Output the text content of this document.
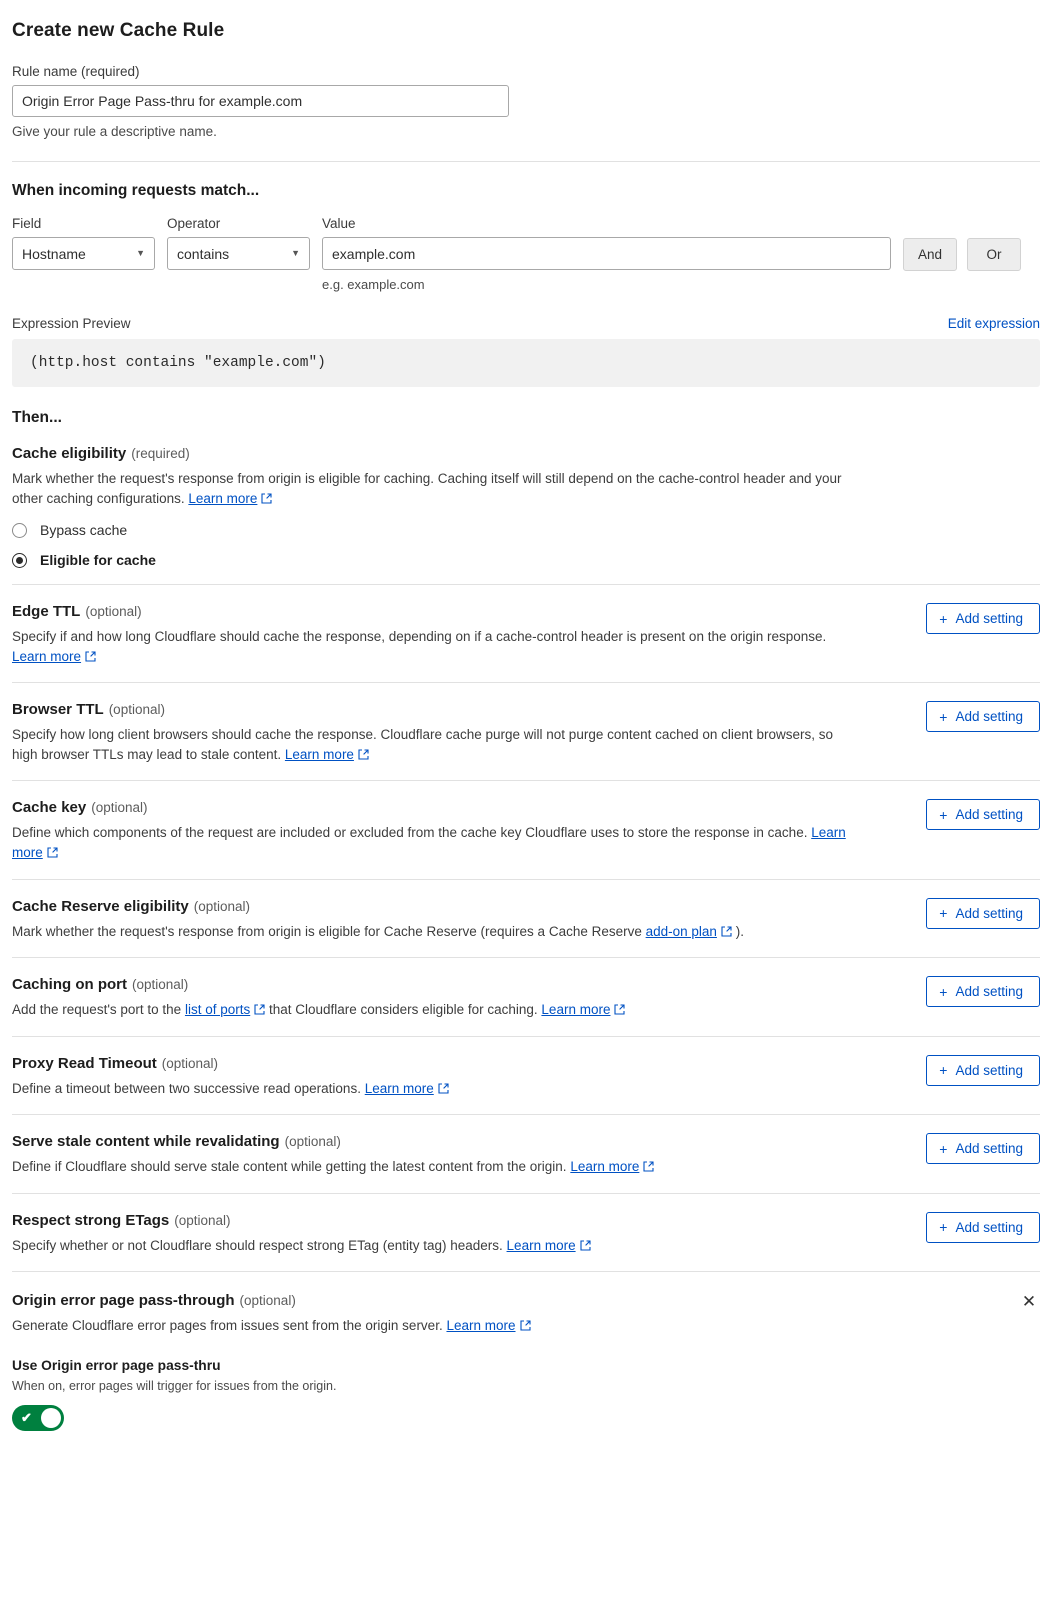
Create new Cache Rule
Rule name (required)
Origin Error Page Pass-thru for example.com
Give your rule a descriptive name.
When incoming requests match...
Field
Hostname	▼
Operator
contains	▼
Value
example.com
e.g. example.com
And	Or
Expression Preview	Edit expression
(http.host contains "example.com")
Then...
Cache eligibility (required)
Mark whether the request's response from origin is eligible for caching. Caching itself will still depend on the cache-control header and your other caching configurations. Learn more
Bypass cache
Eligible for cache
Edge TTL (optional)
Specify if and how long Cloudflare should cache the response, depending on if a cache-control header is present on the origin response. Learn more
+ Add setting
Browser TTL (optional)
Specify how long client browsers should cache the response. Cloudflare cache purge will not purge content cached on client browsers, so high browser TTLs may lead to stale content. Learn more
+ Add setting
Cache key (optional)
Define which components of the request are included or excluded from the cache key Cloudflare uses to store the response in cache. Learn more
+ Add setting
Cache Reserve eligibility (optional)
Mark whether the request's response from origin is eligible for Cache Reserve (requires a Cache Reserve add-on plan ).
+ Add setting
Caching on port (optional)
Add the request's port to the list of ports that Cloudflare considers eligible for caching. Learn more
+ Add setting
Proxy Read Timeout (optional)
Define a timeout between two successive read operations. Learn more
+ Add setting
Serve stale content while revalidating (optional)
Define if Cloudflare should serve stale content while getting the latest content from the origin. Learn more
+ Add setting
Respect strong ETags (optional)
Specify whether or not Cloudflare should respect strong ETag (entity tag) headers. Learn more
+ Add setting
Origin error page pass-through (optional)
Generate Cloudflare error pages from issues sent from the origin server. Learn more
✕
Use Origin error page pass-thru
When on, error pages will trigger for issues from the origin.
✔
